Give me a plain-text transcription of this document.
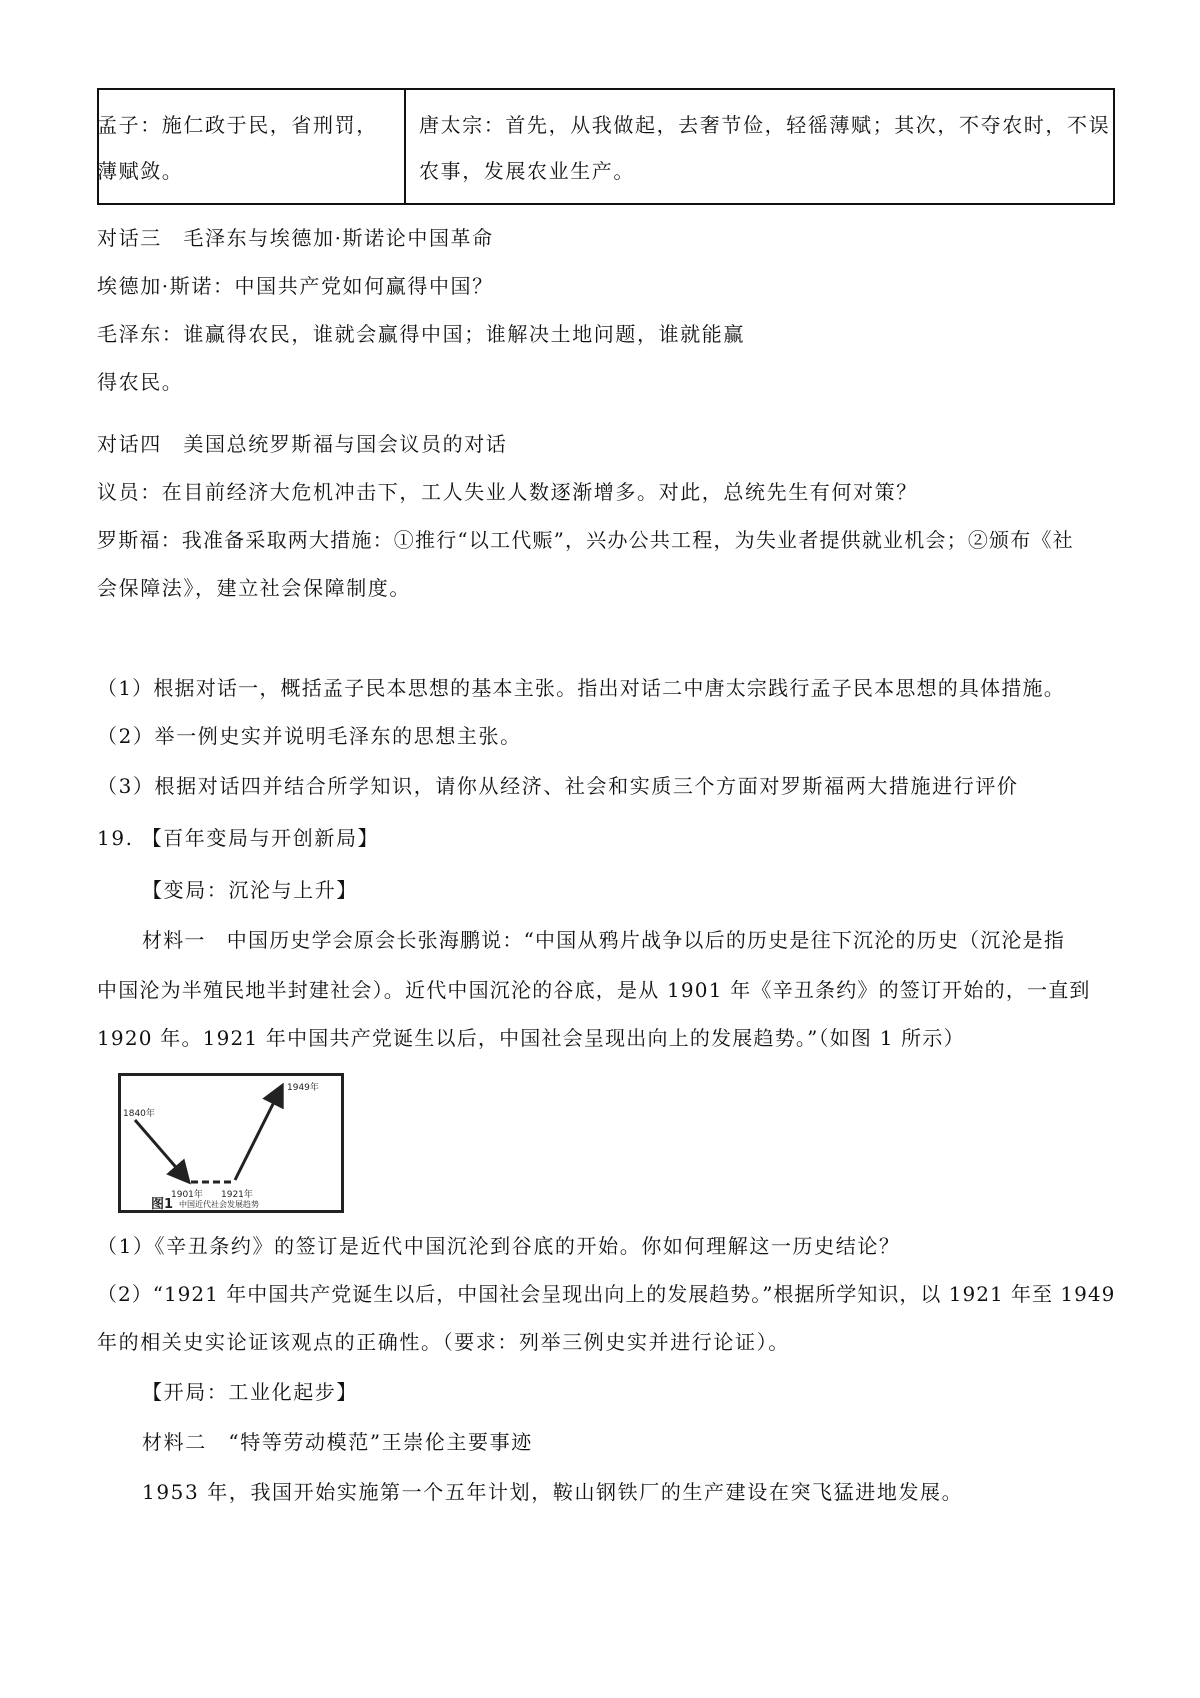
孟子：施仁政于民，省刑罚，
薄赋敛。
唐太宗：首先，从我做起，去奢节俭，轻徭薄赋；其次，不夺农时，不误
农事，发展农业生产。
对话三　毛泽东与埃德加·斯诺论中国革命
埃德加·斯诺：中国共产党如何赢得中国？
毛泽东：谁赢得农民，谁就会赢得中国；谁解决土地问题，谁就能赢
得农民。
对话四　美国总统罗斯福与国会议员的对话
议员：在目前经济大危机冲击下，工人失业人数逐渐增多。对此，总统先生有何对策？
罗斯福：我准备采取两大措施：①推行“以工代赈”，兴办公共工程，为失业者提供就业机会；②颁布《社
会保障法》，建立社会保障制度。
（1）根据对话一，概括孟子民本思想的基本主张。指出对话二中唐太宗践行孟子民本思想的具体措施。
（2）举一例史实并说明毛泽东的思想主张。
（3）根据对话四并结合所学知识，请你从经济、社会和实质三个方面对罗斯福两大措施进行评价
19. 【百年变局与开创新局】
【变局：沉沦与上升】
材料一　中国历史学会原会长张海鹏说：“中国从鸦片战争以后的历史是往下沉沦的历史（沉沦是指
中国沦为半殖民地半封建社会）。近代中国沉沦的谷底，是从 1901 年《辛丑条约》的签订开始的，一直到
1920 年。1921 年中国共产党诞生以后，中国社会呈现出向上的发展趋势。”（如图 1 所示）
1840年
1901年 1921年
1949年
图1 中国近代社会发展趋势
（1）《辛丑条约》的签订是近代中国沉沦到谷底的开始。你如何理解这一历史结论？
（2）“1921 年中国共产党诞生以后，中国社会呈现出向上的发展趋势。”根据所学知识，以 1921 年至 1949
年的相关史实论证该观点的正确性。（要求：列举三例史实并进行论证）。
【开局：工业化起步】
材料二　“特等劳动模范”王崇伦主要事迹
1953 年，我国开始实施第一个五年计划，鞍山钢铁厂的生产建设在突飞猛进地发展。
